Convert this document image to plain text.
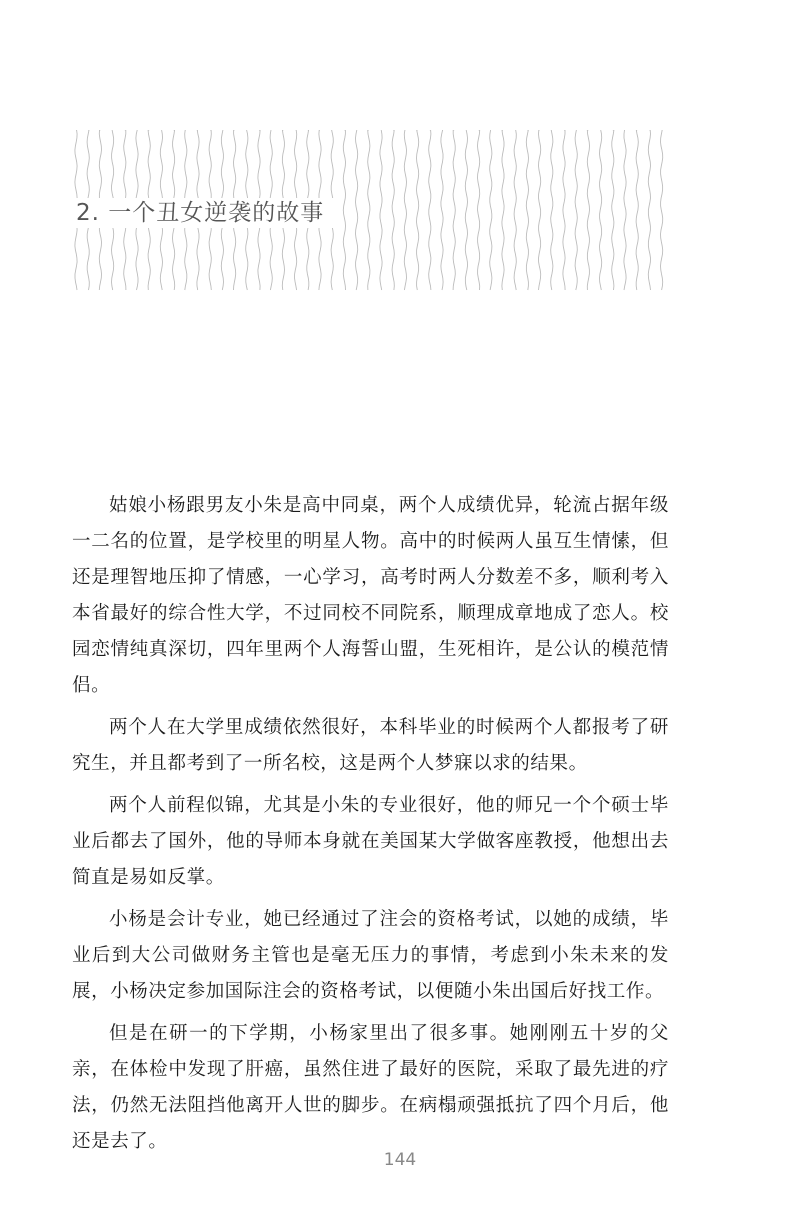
2. 一个丑女逆袭的故事

姑娘小杨跟男友小朱是高中同桌，两个人成绩优异，轮流占据年级一二名的位置，是学校里的明星人物。高中的时候两人虽互生情愫，但还是理智地压抑了情感，一心学习，高考时两人分数差不多，顺利考入本省最好的综合性大学，不过同校不同院系，顺理成章地成了恋人。校园恋情纯真深切，四年里两个人海誓山盟，生死相许，是公认的模范情侣。

两个人在大学里成绩依然很好，本科毕业的时候两个人都报考了研究生，并且都考到了一所名校，这是两个人梦寐以求的结果。

两个人前程似锦，尤其是小朱的专业很好，他的师兄一个个硕士毕业后都去了国外，他的导师本身就在美国某大学做客座教授，他想出去简直是易如反掌。

小杨是会计专业，她已经通过了注会的资格考试，以她的成绩，毕业后到大公司做财务主管也是毫无压力的事情，考虑到小朱未来的发展，小杨决定参加国际注会的资格考试，以便随小朱出国后好找工作。

但是在研一的下学期，小杨家里出了很多事。她刚刚五十岁的父亲，在体检中发现了肝癌，虽然住进了最好的医院，采取了最先进的疗法，仍然无法阻挡他离开人世的脚步。在病榻顽强抵抗了四个月后，他还是去了。

144
